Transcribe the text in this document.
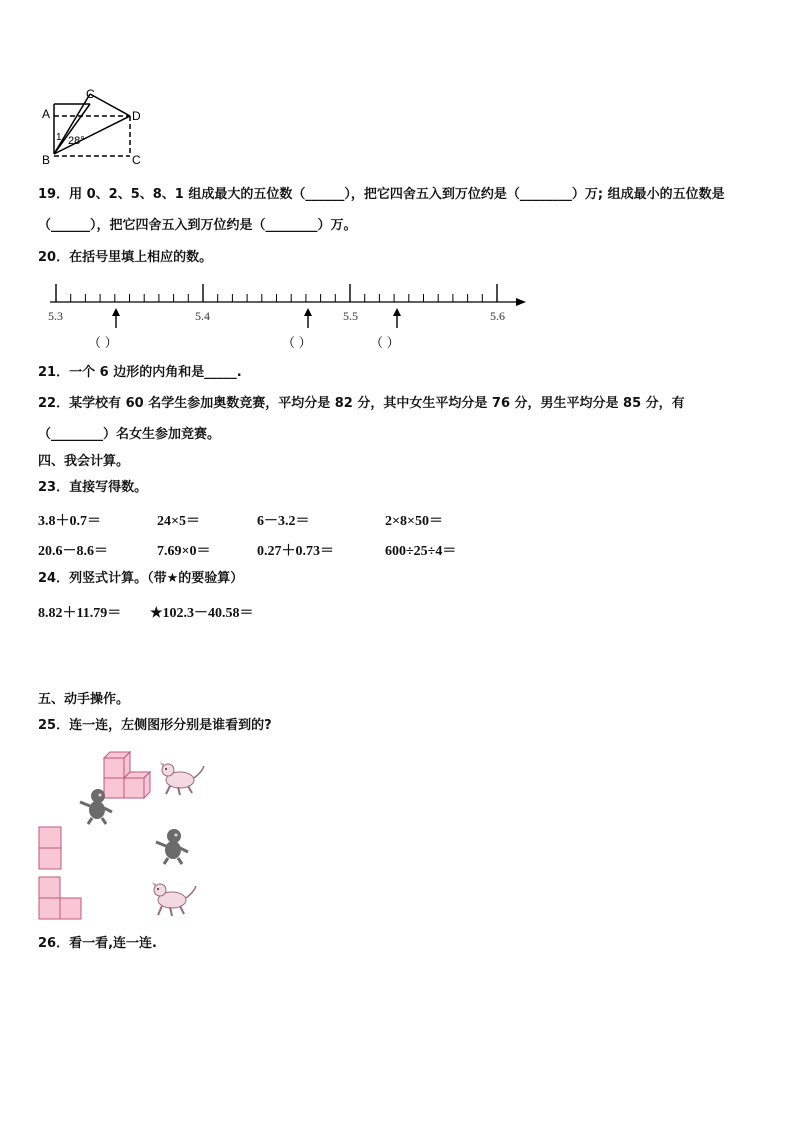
A
C
D
B	C
1 28°
19．用 0、2、5、8、1 组成最大的五位数（______），把它四舍五入到万位约是（________）万; 组成最小的五位数是
（______），把它四舍五入到万位约是（________）万。
20．在括号里填上相应的数。
5.3	5.4	5.5	5.6
（ ）	（ ）	（ ）
21．一个 6 边形的内角和是_____.
22．某学校有 60 名学生参加奥数竞赛，平均分是 82 分，其中女生平均分是 76 分，男生平均分是 85 分，有
（________）名女生参加竞赛。
四、我会计算。
23．直接写得数。
3.8＋0.7＝	24×5＝	6－3.2＝	2×8×50＝
20.6－8.6＝	7.69×0＝	0.27＋0.73＝	600÷25÷4＝
24．列竖式计算。（带★的要验算）
8.82＋11.79＝ ★102.3－40.58＝
五、动手操作。
25．连一连，左侧图形分别是谁看到的?
26．看一看,连一连.
